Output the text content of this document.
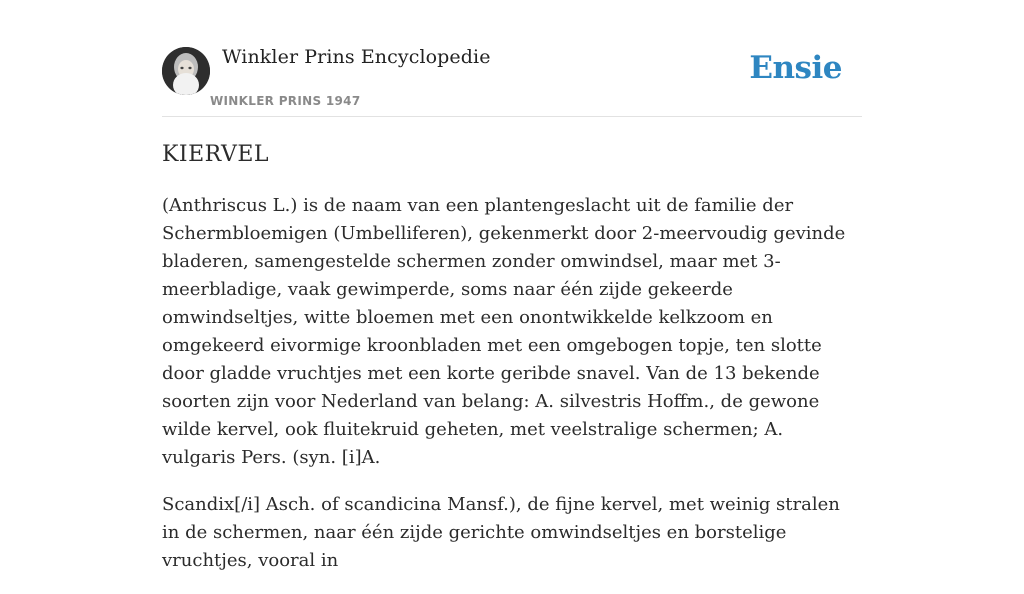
Winkler Prins Encyclopedie
WINKLER PRINS 1947
Ensie
KIERVEL

(Anthriscus L.) is de naam van een plantengeslacht uit de familie der Schermbloemigen (Umbelliferen), gekenmerkt door 2-meervoudig gevinde bladeren, samengestelde schermen zonder omwindsel, maar met 3-meerbladige, vaak gewimperde, soms naar één zijde gekeerde omwindseltjes, witte bloemen met een onontwikkelde kelkzoom en omgekeerd eivormige kroonbladen met een omgebogen topje, ten slotte door gladde vruchtjes met een korte geribde snavel. Van de 13 bekende soorten zijn voor Nederland van belang: A. silvestris Hoffm., de gewone wilde kervel, ook fluitekruid geheten, met veelstralige schermen; A. vulgaris Pers. (syn. [i]A.

Scandix[/i] Asch. of scandicina Mansf.), de fijne kervel, met weinig stralen in de schermen, naar één zijde gerichte omwindseltjes en borstelige vruchtjes, vooral in
